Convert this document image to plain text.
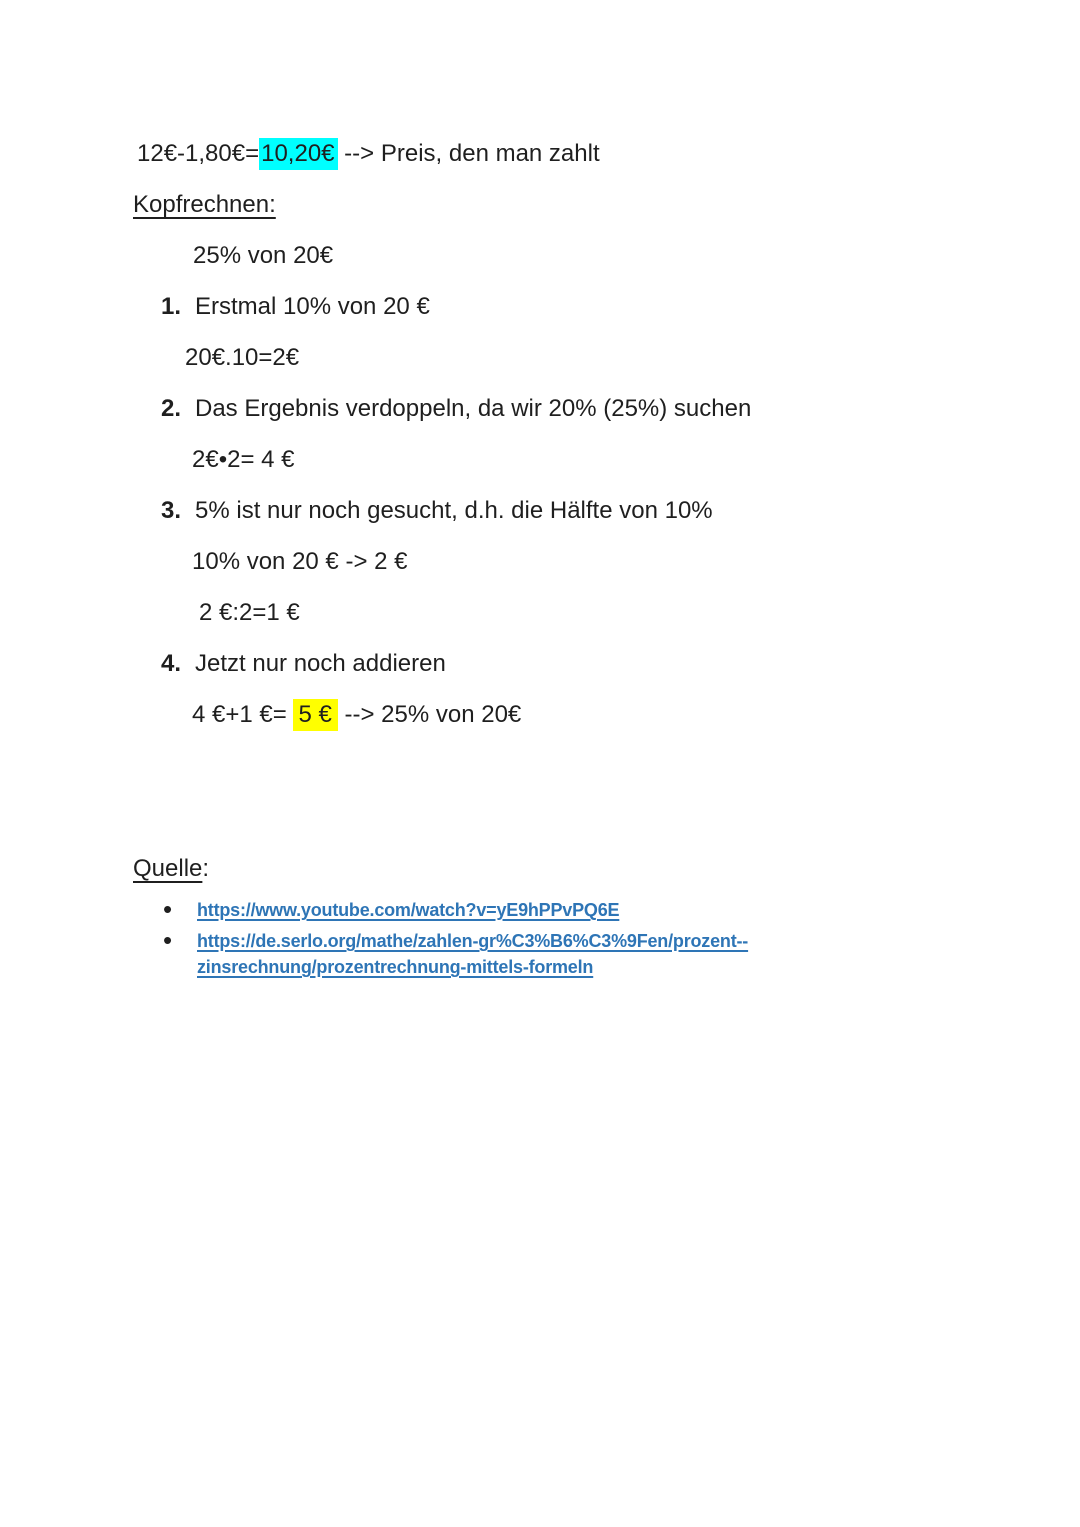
12€-1,80€=10,20€ --> Preis, den man zahlt

Kopfrechnen:

25% von 20€

1. Erstmal 10% von 20 €

20€.10=2€

2. Das Ergebnis verdoppeln, da wir 20% (25%) suchen

2€•2= 4 €

3. 5% ist nur noch gesucht, d.h. die Hälfte von 10%

10% von 20 € -> 2 €

2 €:2=1 €

4. Jetzt nur noch addieren

4 €+1 €= 5 € --> 25% von 20€

Quelle:

• https://www.youtube.com/watch?v=yE9hPPvPQ6E
• https://de.serlo.org/mathe/zahlen-gr%C3%B6%C3%9Fen/prozent--
zinsrechnung/prozentrechnung-mittels-formeln
